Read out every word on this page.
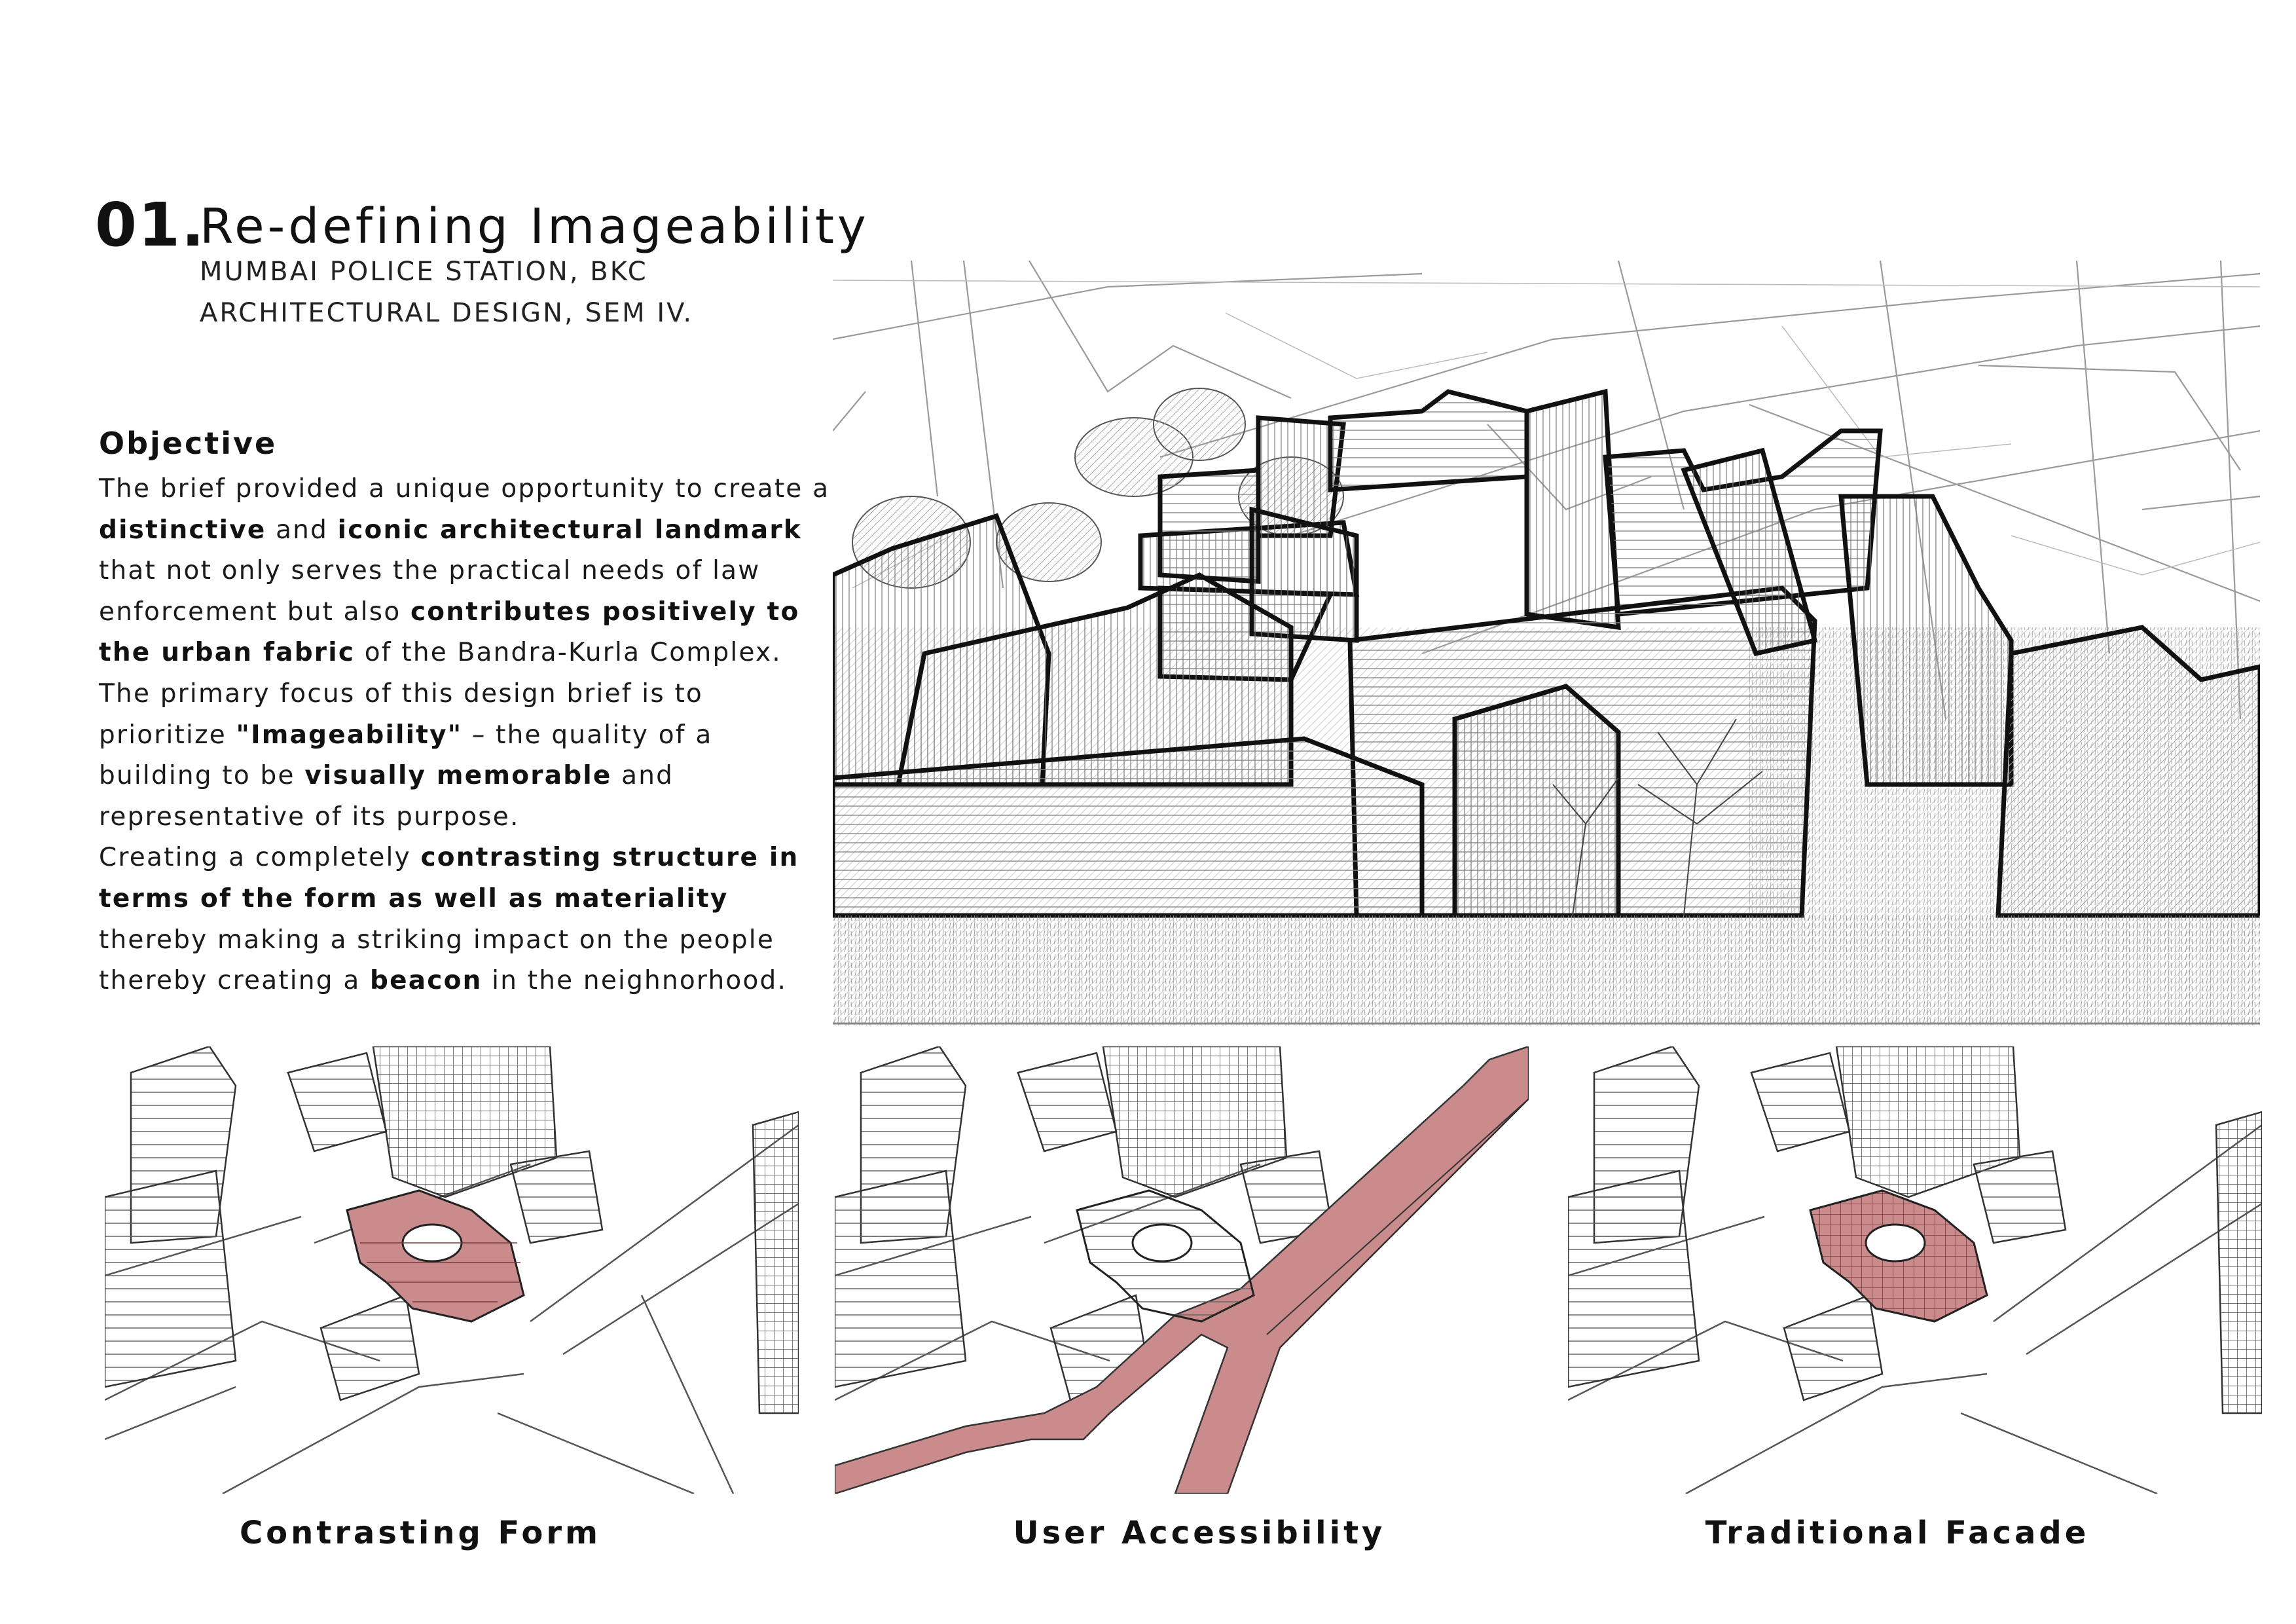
01.
Re-defining Imageability
MUMBAI POLICE STATION, BKC
ARCHITECTURAL DESIGN, SEM IV.
Objective

The brief provided a unique opportunity to create a distinctive and iconic architectural landmark that not only serves the practical needs of law enforcement but also contributes positively to the urban fabric of the Bandra-Kurla Complex. The primary focus of this design brief is to prioritize "Imageability" – the quality of a building to be visually memorable and representative of its purpose.

Creating a completely contrasting structure in terms of the form as well as materiality thereby making a striking impact on the people thereby creating a beacon in the neighnorhood.

Contrasting Form	User Accessibility	Traditional Facade
